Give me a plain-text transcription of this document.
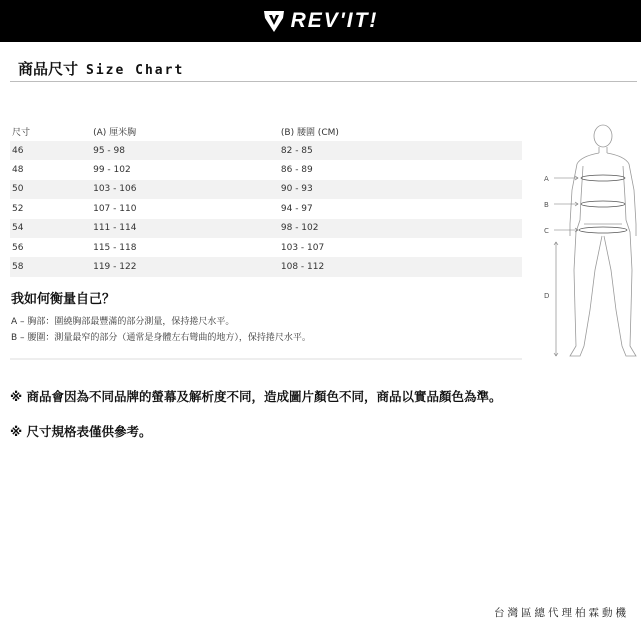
REV'IT!
商品尺寸 Size Chart
尺寸	(A) 厘米胸	(B) 腰圍 (CM)
46	95 - 98	82 - 85
48	99 - 102	86 - 89
50	103 - 106	90 - 93
52	107 - 110	94 - 97
54	111 - 114	98 - 102
56	115 - 118	103 - 107
58	119 - 122	108 - 112
我如何衡量自己？
A – 胸部：圍繞胸部最豐滿的部分測量，保持捲尺水平。
B – 腰圍：測量最窄的部分（通常是身體左右彎曲的地方），保持捲尺水平。
A
B
C
D
※ 商品會因為不同品牌的螢幕及解析度不同，造成圖片顏色不同，商品以實品顏色為準。
※ 尺寸規格表僅供參考。
台灣區總代理柏霖動機
